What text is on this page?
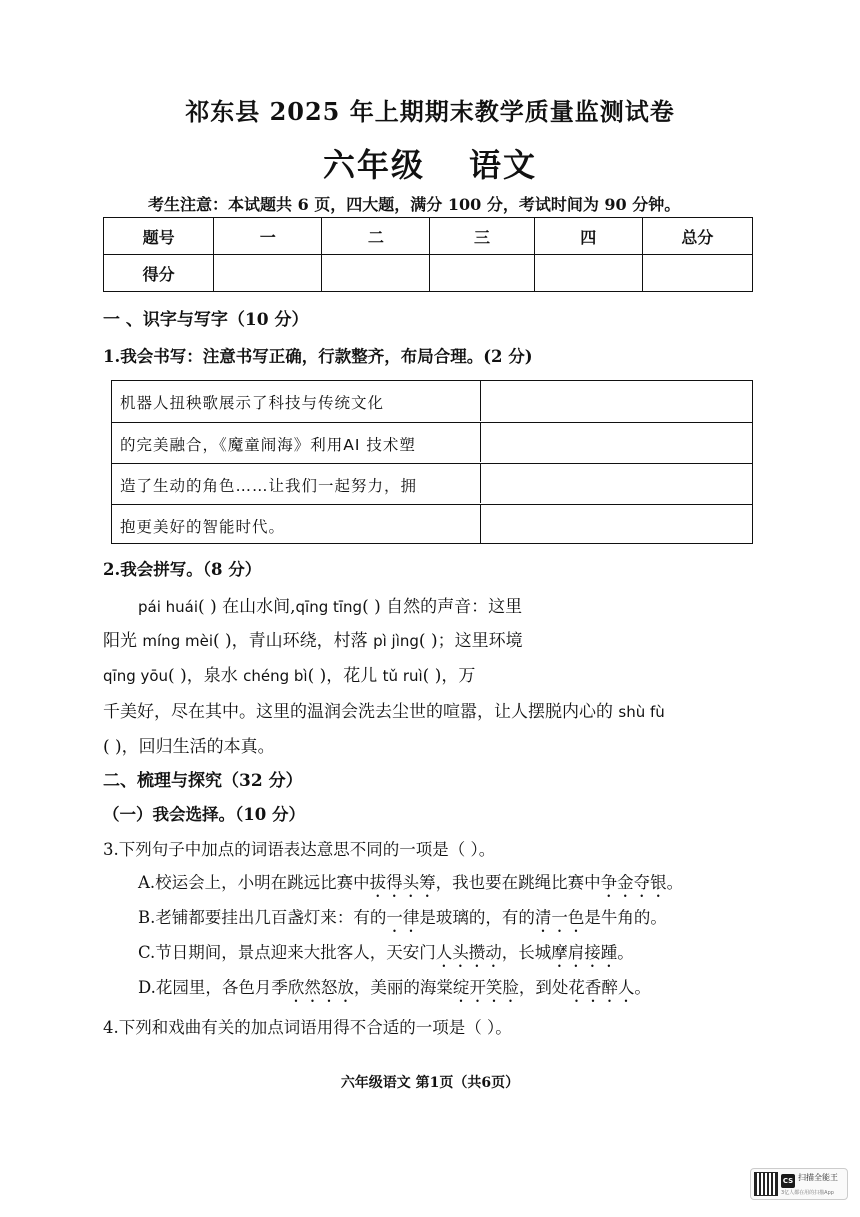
祁东县 2025 年上期期末教学质量监测试卷
六年级 语文
考生注意：本试题共 6 页，四大题，满分 100 分，考试时间为 90 分钟。
题号	一	二	三	四	总分
得分					
一 、识字与写字（10 分）
1.我会书写：注意书写正确，行款整齐，布局合理。(2 分)
机器人扭秧歌展示了科技与传统文化
的完美融合，《魔童闹海》利用AI 技术塑
造了生动的角色……让我们一起努力，拥
抱更美好的智能时代。
2.我会拼写。（8 分）
pái huái( ) 在山水间,qīng tīng( ) 自然的声音：这里
阳光 míng mèi( )，青山环绕，村落 pì jìng( )；这里环境
qīng yōu( )，泉水 chéng bì( )，花儿 tǔ ruì( )，万
千美好，尽在其中。这里的温润会洗去尘世的喧嚣，让人摆脱内心的 shù fù
( )，回归生活的本真。
二、梳理与探究（32 分）
（一）我会选择。（10 分）
3.下列句子中加点的词语表达意思不同的一项是（ ）。
A.校运会上，小明在跳远比赛中拔得头筹，我也要在跳绳比赛中争金夺银。
B.老铺都要挂出几百盏灯来：有的一律是玻璃的，有的清一色是牛角的。
C.节日期间，景点迎来大批客人，天安门人头攒动，长城摩肩接踵。
D.花园里，各色月季欣然怒放，美丽的海棠绽开笑脸，到处花香醉人。
4.下列和戏曲有关的加点词语用得不合适的一项是（ ）。
六年级语文 第1页（共6页）
CS 扫描全能王
3亿人都在用的扫描App
